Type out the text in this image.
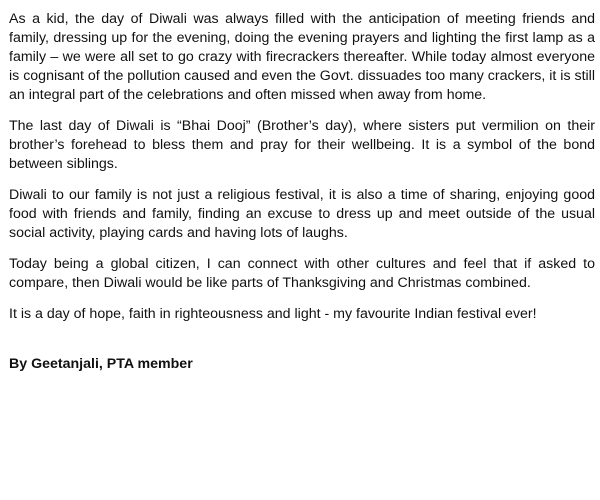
As a kid, the day of Diwali was always filled with the anticipation of meeting friends and family, dressing up for the evening, doing the evening prayers and lighting the first lamp as a family – we were all set to go crazy with firecrackers thereafter. While today almost everyone is cognisant of the pollution caused and even the Govt. dissuades too many crackers, it is still an integral part of the celebrations and often missed when away from home.

The last day of Diwali is “Bhai Dooj” (Brother’s day), where sisters put vermilion on their brother’s forehead to bless them and pray for their wellbeing. It is a symbol of the bond between siblings.

Diwali to our family is not just a religious festival, it is also a time of sharing, enjoying good food with friends and family, finding an excuse to dress up and meet outside of the usual social activity, playing cards and having lots of laughs.

Today being a global citizen, I can connect with other cultures and feel that if asked to compare, then Diwali would be like parts of Thanksgiving and Christmas combined.

It is a day of hope, faith in righteousness and light - my favourite Indian festival ever!

By Geetanjali, PTA member
